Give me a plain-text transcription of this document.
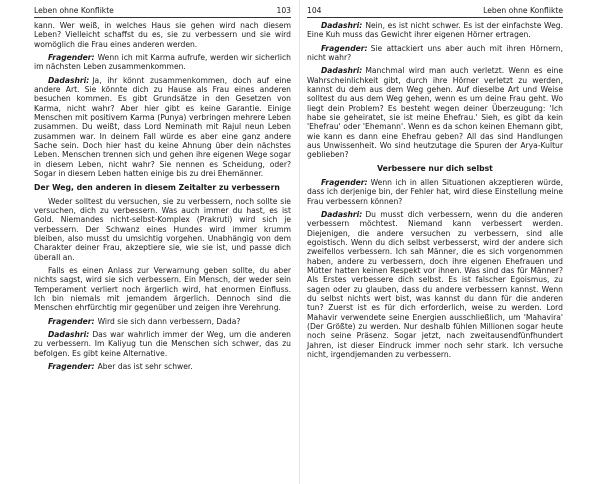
Leben ohne Konflikte	103

kann. Wer weiß, in welches Haus sie gehen wird nach diesem Leben? Vielleicht schaffst du es, sie zu verbessern und sie wird womöglich die Frau eines anderen werden.

Fragender: Wenn ich mit Karma aufrufe, werden wir sicherlich im nächsten Leben zusammenkommen.

Dadashri: Ja, ihr könnt zusammenkommen, doch auf eine andere Art. Sie könnte dich zu Hause als Frau eines anderen besuchen kommen. Es gibt Grundsätze in den Gesetzen von Karma, nicht wahr? Aber hier gibt es keine Garantie. Einige Menschen mit positivem Karma (Punya) verbringen mehrere Leben zusammen. Du weißt, dass Lord Neminath mit Rajul neun Leben zusammen war. In deinem Fall würde es aber eine ganz andere Sache sein. Doch hier hast du keine Ahnung über dein nächstes Leben. Menschen trennen sich und gehen ihre eigenen Wege sogar in diesem Leben, nicht wahr? Sie nennen es Scheidung, oder? Sogar in diesem Leben hatten einige bis zu drei Ehemänner.

Der Weg, den anderen in diesem Zeitalter zu verbessern

Weder solltest du versuchen, sie zu verbessern, noch sollte sie versuchen, dich zu verbessern. Was auch immer du hast, es ist Gold. Niemandes nicht-selbst-Komplex (Prakruti) wird sich je verbessern. Der Schwanz eines Hundes wird immer krumm bleiben, also musst du umsichtig vorgehen. Unabhängig von dem Charakter deiner Frau, akzeptiere sie, wie sie ist, und passe dich überall an.

Falls es einen Anlass zur Verwarnung geben sollte, du aber nichts sagst, wird sie sich verbessern. Ein Mensch, der weder sein Temperament verliert noch ärgerlich wird, hat enormen Einfluss. Ich bin niemals mit jemandem ärgerlich. Dennoch sind die Menschen ehrfürchtig mir gegenüber und zeigen ihre Verehrung.

Fragender: Wird sie sich dann verbessern, Dada?

Dadashri: Das war wahrlich immer der Weg, um die anderen zu verbessern. Im Kaliyug tun die Menschen sich schwer, das zu befolgen. Es gibt keine Alternative.

Fragender: Aber das ist sehr schwer.

104	Leben ohne Konflikte

Dadashri: Nein, es ist nicht schwer. Es ist der einfachste Weg. Eine Kuh muss das Gewicht ihrer eigenen Hörner ertragen.

Fragender: Sie attackiert uns aber auch mit ihren Hörnern, nicht wahr?

Dadashri: Manchmal wird man auch verletzt. Wenn es eine Wahrscheinlichkeit gibt, durch ihre Hörner verletzt zu werden, kannst du dem aus dem Weg gehen. Auf dieselbe Art und Weise solltest du aus dem Weg gehen, wenn es um deine Frau geht. Wo liegt dein Problem? Es besteht wegen deiner Überzeugung: 'Ich habe sie geheiratet, sie ist meine Ehefrau.' Sieh, es gibt da kein 'Ehefrau' oder 'Ehemann'. Wenn es da schon keinen Ehemann gibt, wie kann es dann eine Ehefrau geben? All das sind Handlungen aus Unwissenheit. Wo sind heutzutage die Spuren der Arya-Kultur geblieben?

Verbessere nur dich selbst

Fragender: Wenn ich in allen Situationen akzeptieren würde, dass ich derjenige bin, der Fehler hat, wird diese Einstellung meine Frau verbessern können?

Dadashri: Du musst dich verbessern, wenn du die anderen verbessern möchtest. Niemand kann verbessert werden. Diejenigen, die andere versuchen zu verbessern, sind alle egoistisch. Wenn du dich selbst verbesserst, wird der andere sich zweifellos verbessern. Ich sah Männer, die es sich vorgenommen haben, andere zu verbessern, doch ihre eigenen Ehefrauen und Mütter hatten keinen Respekt vor ihnen. Was sind das für Männer? Als Erstes verbessere dich selbst. Es ist falscher Egoismus, zu sagen oder zu glauben, dass du andere verbessern kannst. Wenn du selbst nichts wert bist, was kannst du dann für die anderen tun? Zuerst ist es für dich erforderlich, weise zu werden. Lord Mahavir verwendete seine Energien ausschließlich, um 'Mahavira' (Der Größte) zu werden. Nur deshalb fühlen Millionen sogar heute noch seine Präsenz. Sogar jetzt, nach zweitausendfünfhundert Jahren, ist dieser Eindruck immer noch sehr stark. Ich versuche nicht, irgendjemanden zu verbessern.
